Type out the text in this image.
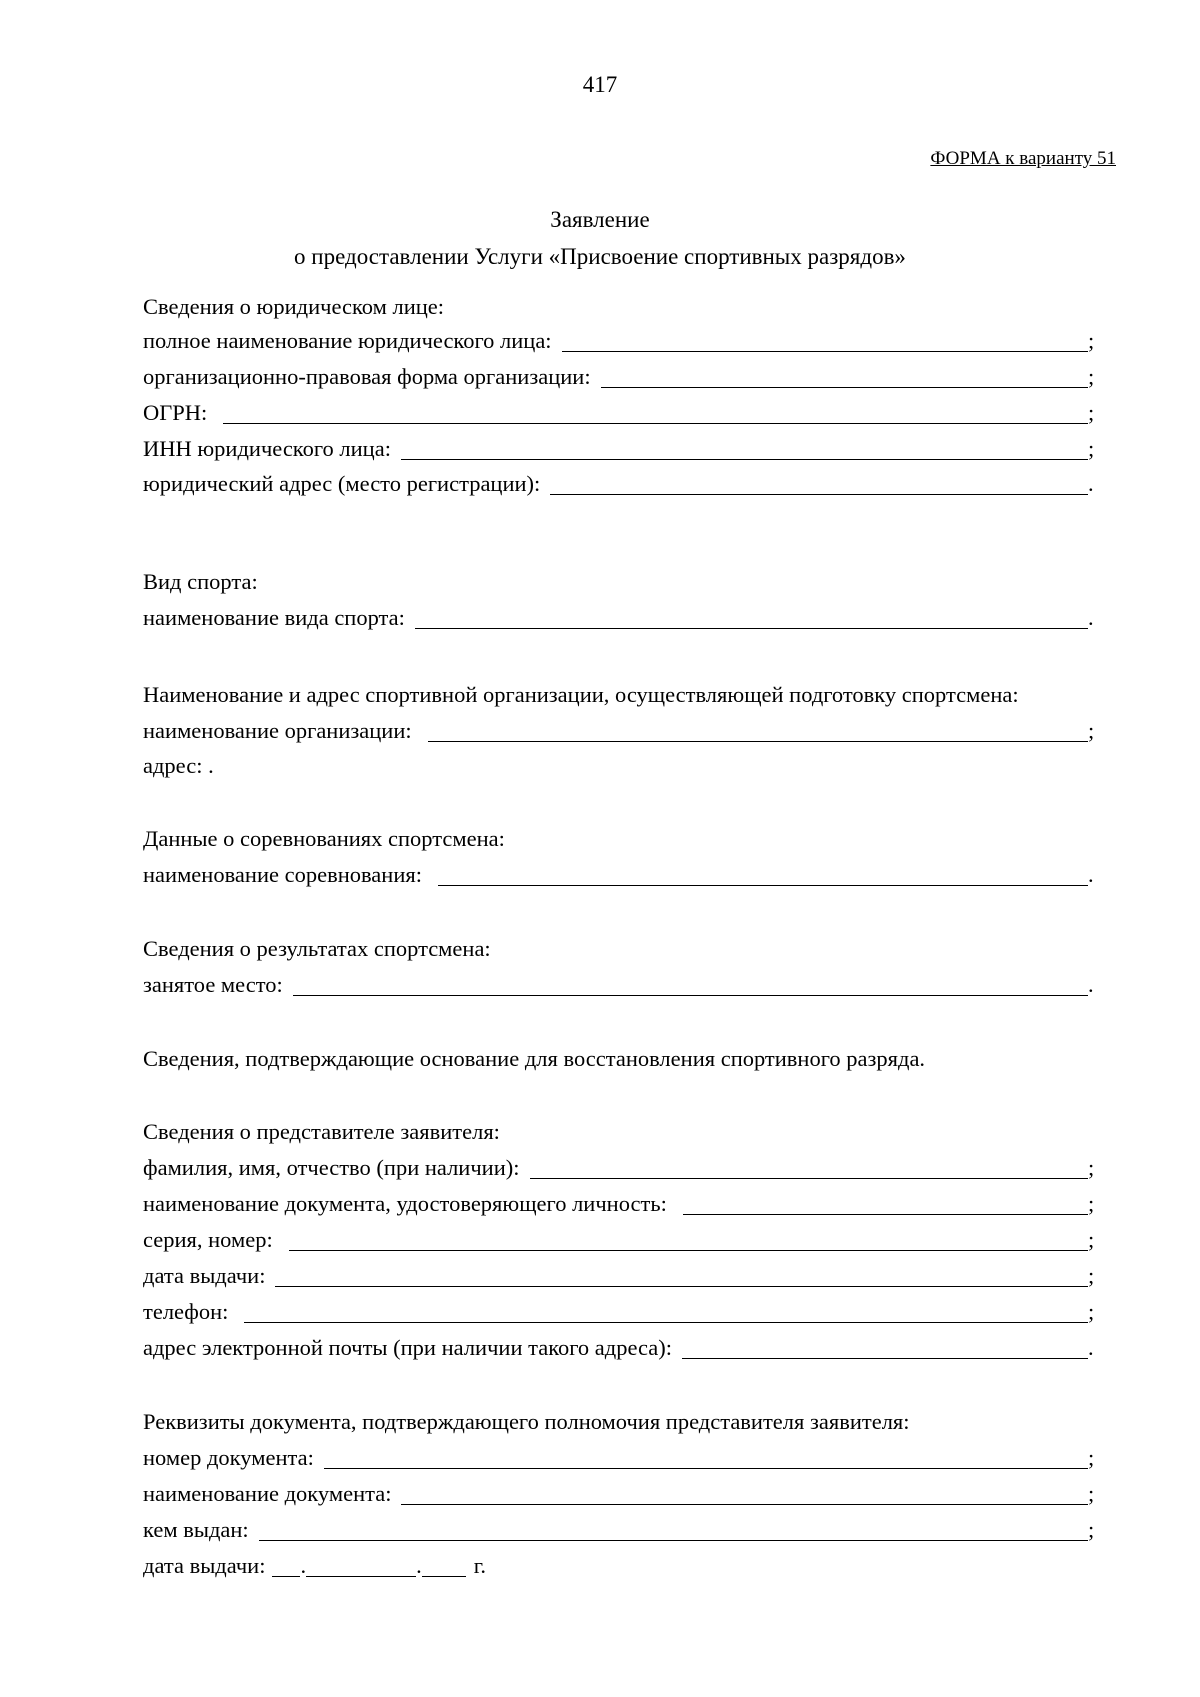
417
ФОРМА к варианту 51
Заявление
о предоставлении Услуги «Присвоение спортивных разрядов»
Сведения о юридическом лице:
полное наименование юридического лица:	;
организационно-правовая форма организации:	;
ОГРН:	;
ИНН юридического лица:	;
юридический адрес (место регистрации):	.
Вид спорта:
наименование вида спорта:	.
Наименование и адрес спортивной организации, осуществляющей подготовку спортсмена:
наименование организации:	;
адрес: .
Данные о соревнованиях спортсмена:
наименование соревнования:	.
Сведения о результатах спортсмена:
занятое место:	.
Сведения, подтверждающие основание для восстановления спортивного разряда.
Сведения о представителе заявителя:
фамилия, имя, отчество (при наличии):	;
наименование документа, удостоверяющего личность:	;
серия, номер:	;
дата выдачи:	;
телефон:	;
адрес электронной почты (при наличии такого адреса):	.
Реквизиты документа, подтверждающего полномочия представителя заявителя:
номер документа:	;
наименование документа:	;
кем выдан:	;
дата выдачи: .	. г.
